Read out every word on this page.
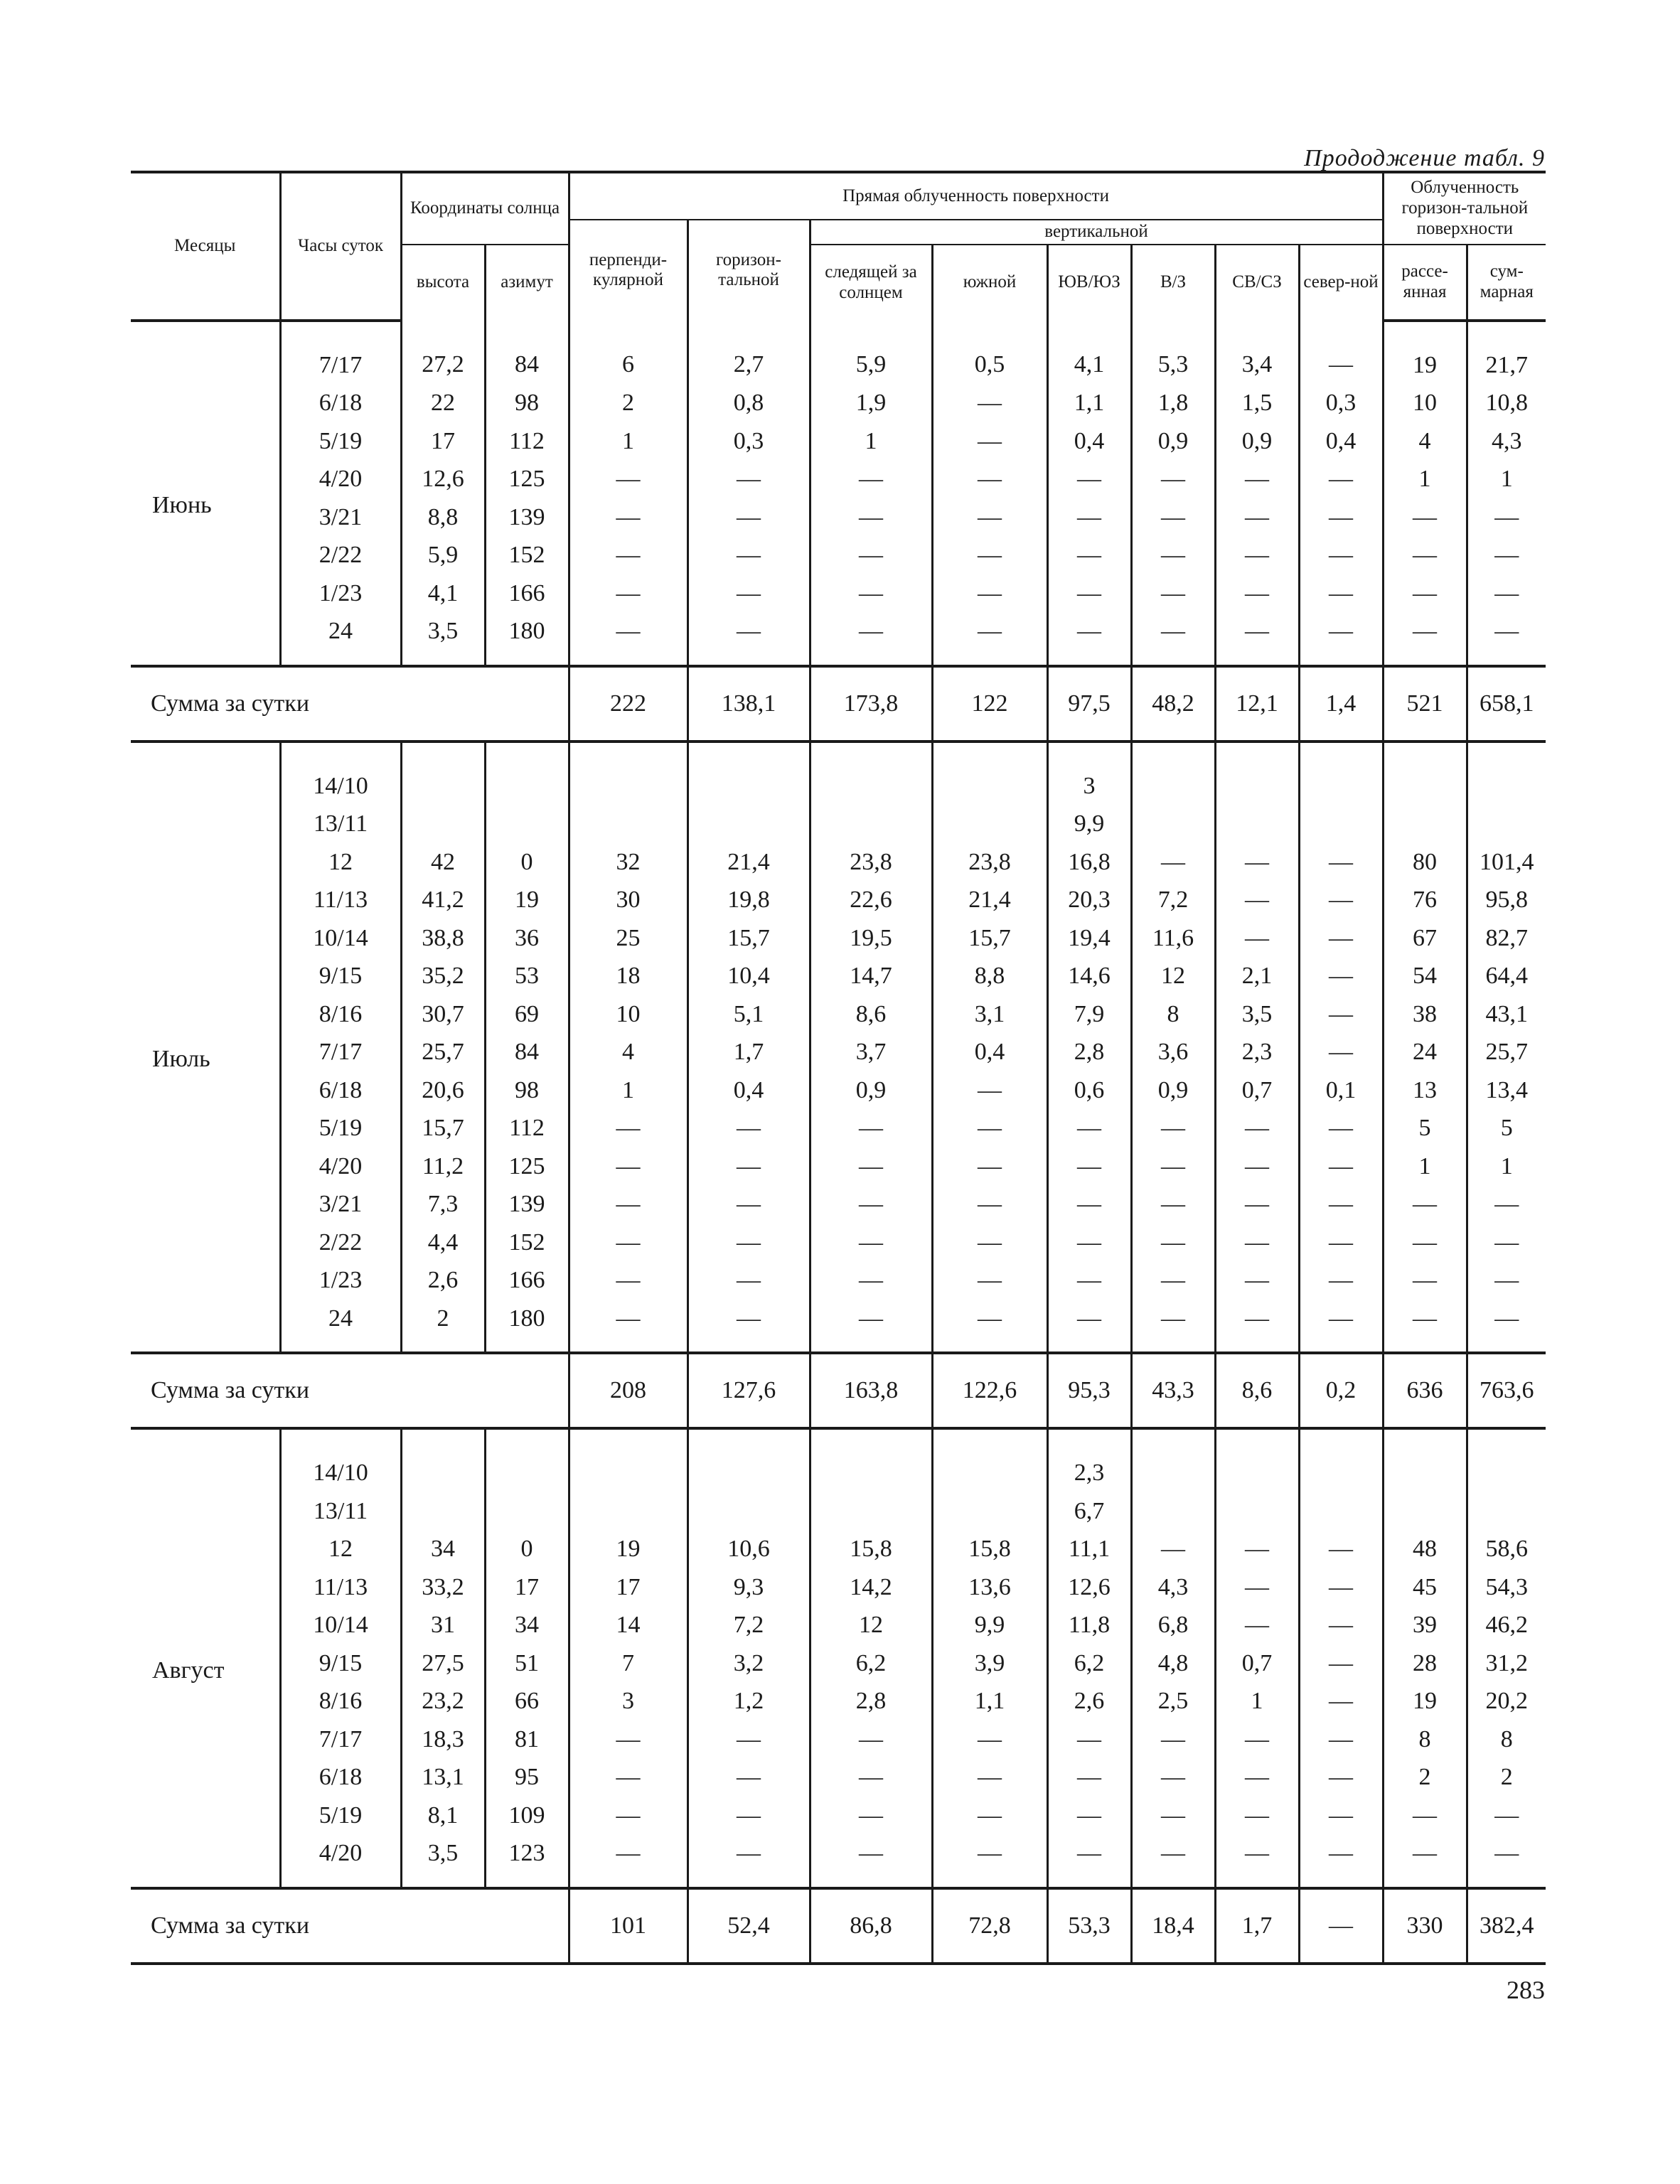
Прододжение табл. 9
Месяцы	Часы суток	Координаты солнца		Прямая облученность поверхности								Облученность горизон-тальной поверхности	
				перпенди-кулярной	горизон-тальной	вертикальной							
		высота	азимут			следящей за солнцем	южной	ЮВ/ЮЗ	В/З	СВ/СЗ	север-ной		
												рассе-янная	сум-марная
Июнь	7/17	27,2	84	6	2,7	5,9	0,5	4,1	5,3	3,4	—	19	21,7
	6/18	22	98	2	0,8	1,9	—	1,1	1,8	1,5	0,3	10	10,8
	5/19	17	112	1	0,3	1	—	0,4	0,9	0,9	0,4	4	4,3
	4/20	12,6	125	—	—	—	—	—	—	—	—	1	1
	3/21	8,8	139	—	—	—	—	—	—	—	—	—	—
	2/22	5,9	152	—	—	—	—	—	—	—	—	—	—
	1/23	4,1	166	—	—	—	—	—	—	—	—	—	—
	24	3,5	180	—	—	—	—	—	—	—	—	—	—
Сумма за сутки				222	138,1	173,8	122	97,5	48,2	12,1	1,4	521	658,1
Июль	14/10							3					
	13/11							9,9					
	12	42	0	32	21,4	23,8	23,8	16,8	—	—	—	80	101,4
	11/13	41,2	19	30	19,8	22,6	21,4	20,3	7,2	—	—	76	95,8
	10/14	38,8	36	25	15,7	19,5	15,7	19,4	11,6	—	—	67	82,7
	9/15	35,2	53	18	10,4	14,7	8,8	14,6	12	2,1	—	54	64,4
	8/16	30,7	69	10	5,1	8,6	3,1	7,9	8	3,5	—	38	43,1
	7/17	25,7	84	4	1,7	3,7	0,4	2,8	3,6	2,3	—	24	25,7
	6/18	20,6	98	1	0,4	0,9	—	0,6	0,9	0,7	0,1	13	13,4
	5/19	15,7	112	—	—	—	—	—	—	—	—	5	5
	4/20	11,2	125	—	—	—	—	—	—	—	—	1	1
	3/21	7,3	139	—	—	—	—	—	—	—	—	—	—
	2/22	4,4	152	—	—	—	—	—	—	—	—	—	—
	1/23	2,6	166	—	—	—	—	—	—	—	—	—	—
	24	2	180	—	—	—	—	—	—	—	—	—	—
Сумма за сутки				208	127,6	163,8	122,6	95,3	43,3	8,6	0,2	636	763,6
Август	14/10							2,3					
	13/11							6,7					
	12	34	0	19	10,6	15,8	15,8	11,1	—	—	—	48	58,6
	11/13	33,2	17	17	9,3	14,2	13,6	12,6	4,3	—	—	45	54,3
	10/14	31	34	14	7,2	12	9,9	11,8	6,8	—	—	39	46,2
	9/15	27,5	51	7	3,2	6,2	3,9	6,2	4,8	0,7	—	28	31,2
	8/16	23,2	66	3	1,2	2,8	1,1	2,6	2,5	1	—	19	20,2
	7/17	18,3	81	—	—	—	—	—	—	—	—	8	8
	6/18	13,1	95	—	—	—	—	—	—	—	—	2	2
	5/19	8,1	109	—	—	—	—	—	—	—	—	—	—
	4/20	3,5	123	—	—	—	—	—	—	—	—	—	—
Сумма за сутки				101	52,4	86,8	72,8	53,3	18,4	1,7	—	330	382,4
283
